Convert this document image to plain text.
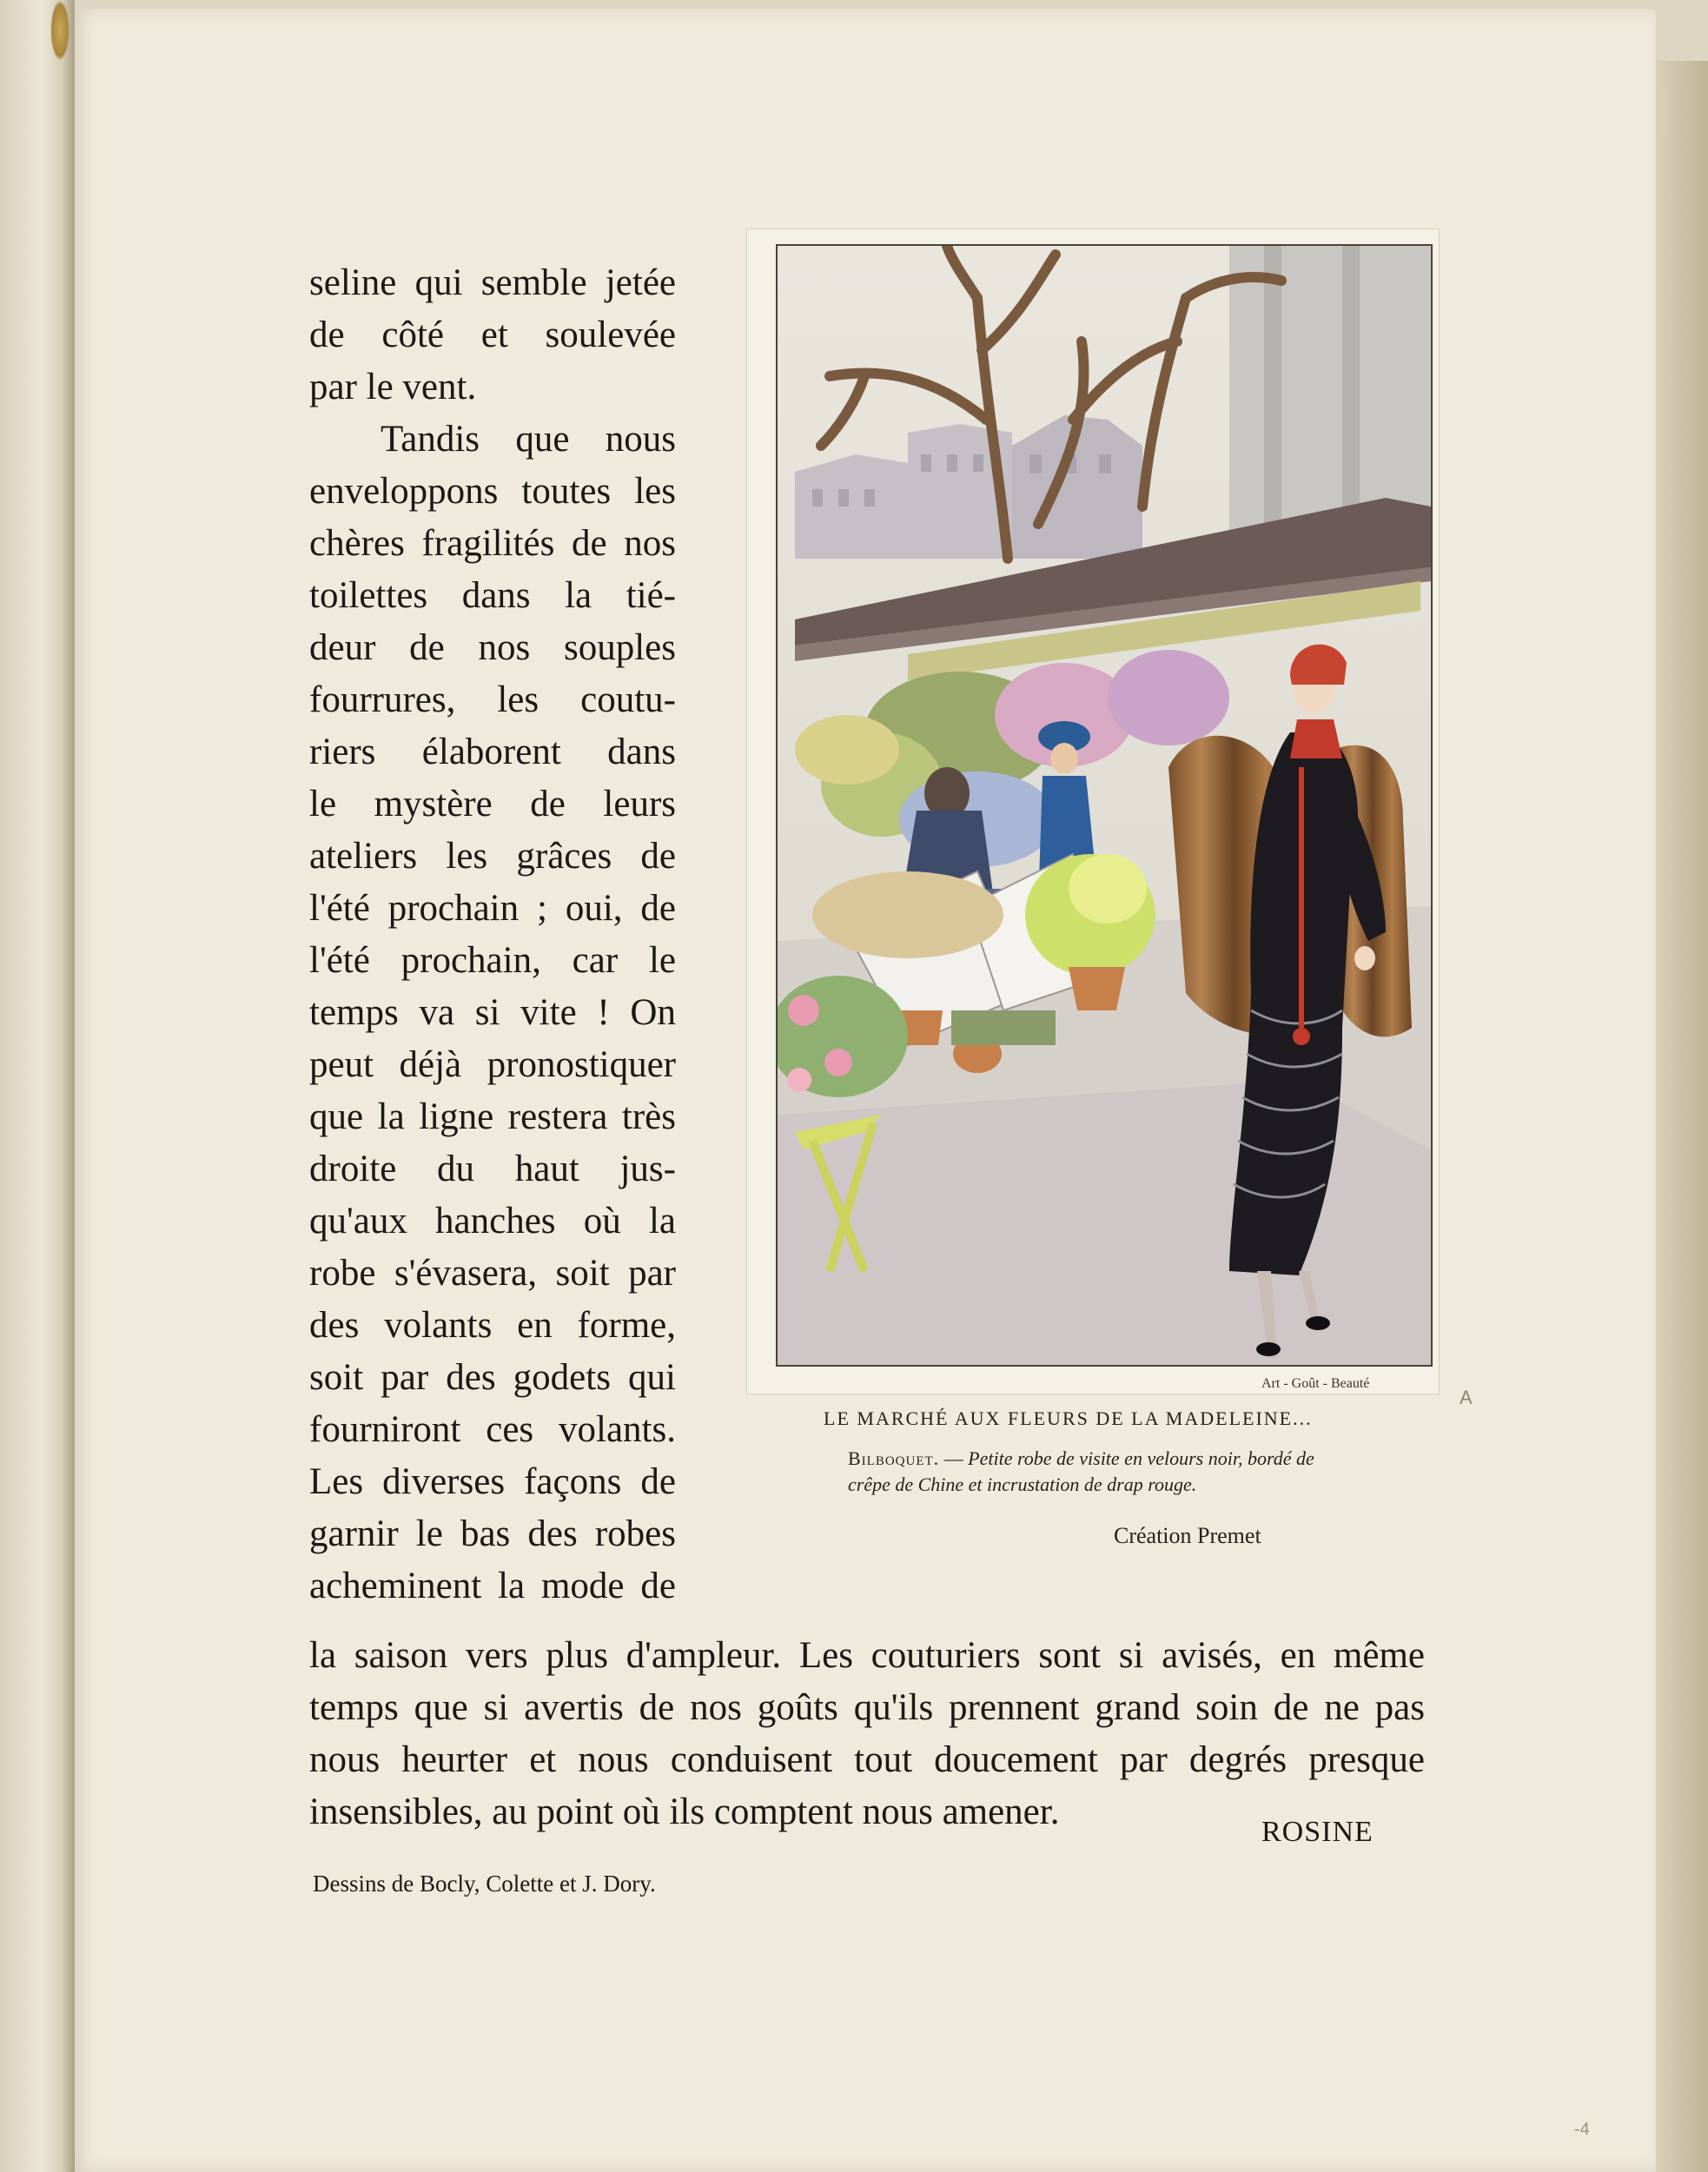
seline qui semble jetée
de côté et soulevée
par le vent.
Tandis que nous
enveloppons toutes les
chères fragilités de nos
toilettes dans la tié-
deur de nos souples
fourrures, les coutu-
riers élaborent dans
le mystère de leurs
ateliers les grâces de
l'été prochain ; oui, de
l'été prochain, car le
temps va si vite ! On
peut déjà pronostiquer
que la ligne restera très
droite du haut jus-
qu'aux hanches où la
robe s'évasera, soit par
des volants en forme,
soit par des godets qui
fourniront ces volants.
Les diverses façons de
garnir le bas des robes
acheminent la mode de
la saison vers plus d'ampleur. Les couturiers sont si avisés, en même
temps que si avertis de nos goûts qu'ils prennent grand soin de ne pas
nous heurter et nous conduisent tout doucement par degrés presque
insensibles, au point où ils comptent nous amener.	ROSINE
Dessins de Bocly, Colette et J. Dory.
Art - Goût - Beauté
A
LE MARCHÉ AUX FLEURS DE LA MADELEINE...
Bilboquet. — Petite robe de visite en velours noir, bordé de crêpe de Chine et incrustation de drap rouge.
Création Premet
-4
